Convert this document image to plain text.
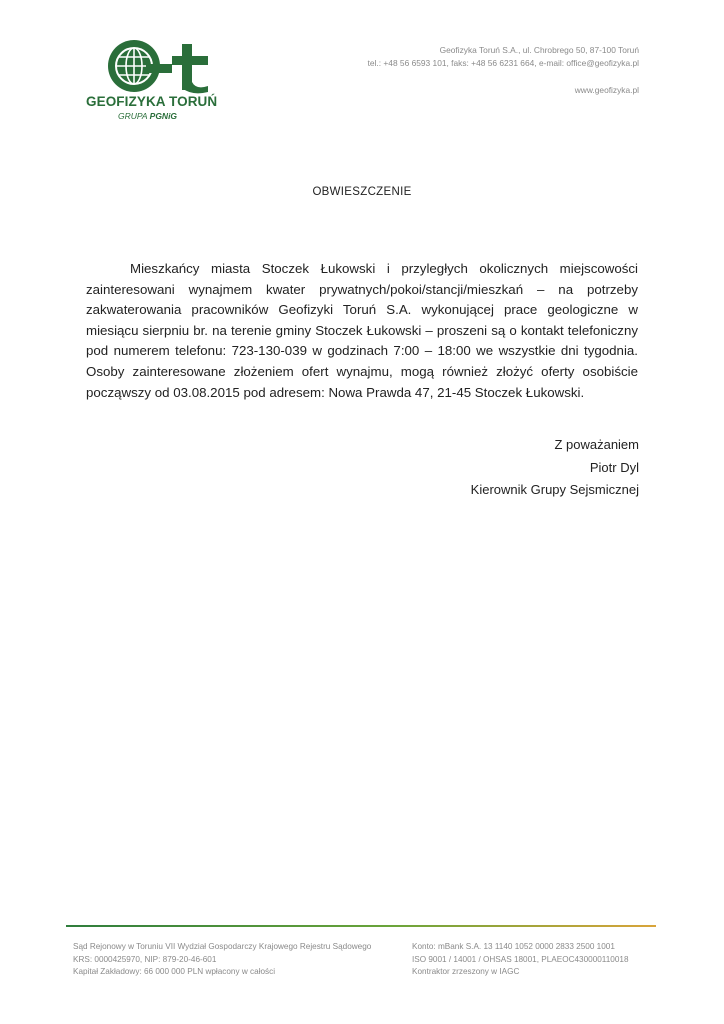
GEOFIZYKA TORUŃ
GRUPA PGNiG
Geofizyka Toruń S.A., ul. Chrobrego 50, 87-100 Toruń
tel.: +48 56 6593 101, faks: +48 56 6231 664, e-mail: office@geofizyka.pl
www.geofizyka.pl
OBWIESZCZENIE
Mieszkańcy miasta Stoczek Łukowski i przyległych okolicznych miejscowości
zainteresowani wynajmem kwater prywatnych/pokoi/stancji/mieszkań – na potrzeby
zakwaterowania pracowników Geofizyki Toruń S.A. wykonującej prace geologiczne w
miesiącu sierpniu br. na terenie gminy Stoczek Łukowski – proszeni są o kontakt telefoniczny
pod numerem telefonu: 723-130-039 w godzinach 7:00 – 18:00 we wszystkie dni tygodnia.
Osoby zainteresowane złożeniem ofert wynajmu, mogą również złożyć oferty osobiście
począwszy od 03.08.2015 pod adresem: Nowa Prawda 47, 21-45 Stoczek Łukowski.
Z poważaniem
Piotr Dyl
Kierownik Grupy Sejsmicznej
Sąd Rejonowy w Toruniu VII Wydział Gospodarczy Krajowego Rejestru Sądowego
KRS: 0000425970, NIP: 879-20-46-601
Kapitał Zakładowy: 66 000 000 PLN wpłacony w całości
Konto: mBank S.A. 13 1140 1052 0000 2833 2500 1001
ISO 9001 / 14001 / OHSAS 18001, PLAEOC430000110018
Kontraktor zrzeszony w IAGC
